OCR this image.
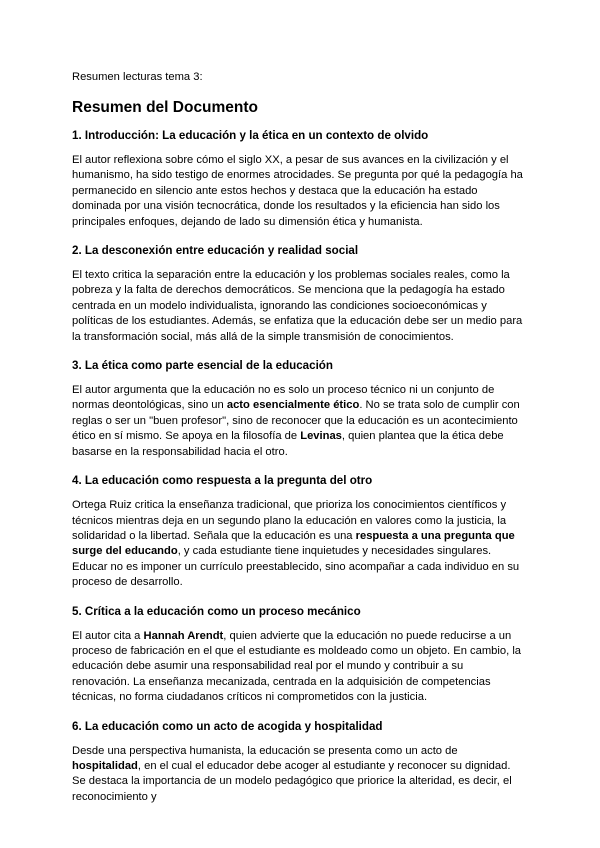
Resumen lecturas tema 3:

Resumen del Documento
1. Introducción: La educación y la ética en un contexto de olvido

El autor reflexiona sobre cómo el siglo XX, a pesar de sus avances en la civilización y el humanismo, ha sido testigo de enormes atrocidades. Se pregunta por qué la pedagogía ha permanecido en silencio ante estos hechos y destaca que la educación ha estado dominada por una visión tecnocrática, donde los resultados y la eficiencia han sido los principales enfoques, dejando de lado su dimensión ética y humanista.

2. La desconexión entre educación y realidad social

El texto critica la separación entre la educación y los problemas sociales reales, como la pobreza y la falta de derechos democráticos. Se menciona que la pedagogía ha estado centrada en un modelo individualista, ignorando las condiciones socioeconómicas y políticas de los estudiantes. Además, se enfatiza que la educación debe ser un medio para la transformación social, más allá de la simple transmisión de conocimientos.

3. La ética como parte esencial de la educación

El autor argumenta que la educación no es solo un proceso técnico ni un conjunto de normas deontológicas, sino un acto esencialmente ético. No se trata solo de cumplir con reglas o ser un "buen profesor", sino de reconocer que la educación es un acontecimiento ético en sí mismo. Se apoya en la filosofía de Levinas, quien plantea que la ética debe basarse en la responsabilidad hacia el otro.

4. La educación como respuesta a la pregunta del otro

Ortega Ruiz critica la enseñanza tradicional, que prioriza los conocimientos científicos y técnicos mientras deja en un segundo plano la educación en valores como la justicia, la solidaridad o la libertad. Señala que la educación es una respuesta a una pregunta que surge del educando, y cada estudiante tiene inquietudes y necesidades singulares. Educar no es imponer un currículo preestablecido, sino acompañar a cada individuo en su proceso de desarrollo.

5. Crítica a la educación como un proceso mecánico

El autor cita a Hannah Arendt, quien advierte que la educación no puede reducirse a un proceso de fabricación en el que el estudiante es moldeado como un objeto. En cambio, la educación debe asumir una responsabilidad real por el mundo y contribuir a su renovación. La enseñanza mecanizada, centrada en la adquisición de competencias técnicas, no forma ciudadanos críticos ni comprometidos con la justicia.

6. La educación como un acto de acogida y hospitalidad

Desde una perspectiva humanista, la educación se presenta como un acto de hospitalidad, en el cual el educador debe acoger al estudiante y reconocer su dignidad. Se destaca la importancia de un modelo pedagógico que priorice la alteridad, es decir, el reconocimiento y
